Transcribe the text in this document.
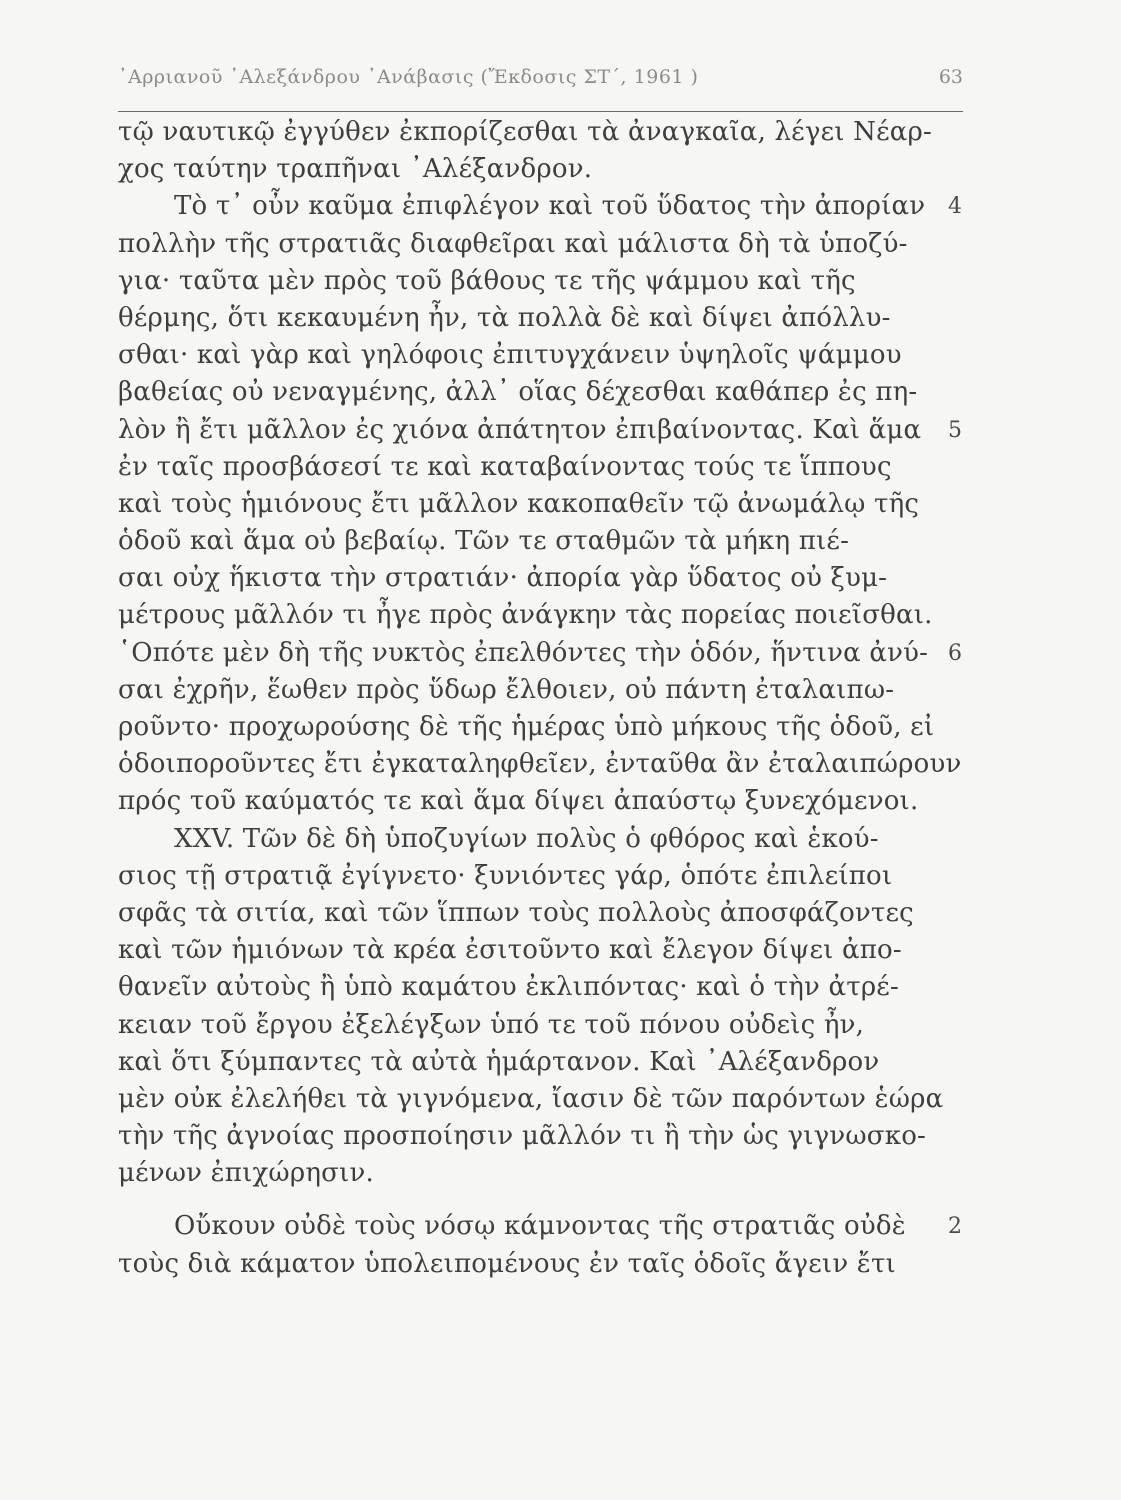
᾿Αρριανοῦ ᾿Αλεξάνδρου ᾿Ανάβασις (Ἔκδοσις ΣΤ΄, 1961 )	63
τῷ ναυτικῷ ἐγγύθεν ἐκπορίζεσθαι τὰ ἀναγκαῖα, λέγει Νέαρ-
χος ταύτην τραπῆναι ᾿Αλέξανδρον.
Τὸ τ᾿ οὖν καῦμα ἐπιφλέγον καὶ τοῦ ὕδατος τὴν ἀπορίαν 4
πολλὴν τῆς στρατιᾶς διαφθεῖραι καὶ μάλιστα δὴ τὰ ὑποζύ-
για· ταῦτα μὲν πρὸς τοῦ βάθους τε τῆς ψάμμου καὶ τῆς
θέρμης, ὅτι κεκαυμένη ἦν, τὰ πολλὰ δὲ καὶ δίψει ἀπόλλυ-
σθαι· καὶ γὰρ καὶ γηλόφοις ἐπιτυγχάνειν ὑψηλοῖς ψάμμου
βαθείας οὐ νεναγμένης, ἀλλ᾿ οἵας δέχεσθαι καθάπερ ἐς πη-
λὸν ἢ ἔτι μᾶλλον ἐς χιόνα ἀπάτητον ἐπιβαίνοντας. Καὶ ἅμα 5
ἐν ταῖς προσβάσεσί τε καὶ καταβαίνοντας τούς τε ἵππους
καὶ τοὺς ἡμιόνους ἔτι μᾶλλον κακοπαθεῖν τῷ ἀνωμάλῳ τῆς
ὁδοῦ καὶ ἅμα οὐ βεβαίῳ. Τῶν τε σταθμῶν τὰ μήκη πιέ-
σαι οὐχ ἥκιστα τὴν στρατιάν· ἀπορία γὰρ ὕδατος οὐ ξυμ-
μέτρους μᾶλλόν τι ἦγε πρὸς ἀνάγκην τὰς πορείας ποιεῖσθαι.
῾Οπότε μὲν δὴ τῆς νυκτὸς ἐπελθόντες τὴν ὁδόν, ἥντινα ἀνύ- 6
σαι ἐχρῆν, ἕωθεν πρὸς ὕδωρ ἔλθοιεν, οὐ πάντη ἐταλαιπω-
ροῦντο· προχωρούσης δὲ τῆς ἡμέρας ὑπὸ μήκους τῆς ὁδοῦ, εἰ
ὁδοιποροῦντες ἔτι ἐγκαταληφθεῖεν, ἐνταῦθα ἂν ἐταλαιπώρουν
πρός τοῦ καύματός τε καὶ ἅμα δίψει ἀπαύστῳ ξυνεχόμενοι.
XXV. Τῶν δὲ δὴ ὑποζυγίων πολὺς ὁ φθόρος καὶ ἑκού-
σιος τῇ στρατιᾷ ἐγίγνετο· ξυνιόντες γάρ, ὁπότε ἐπιλείποι
σφᾶς τὰ σιτία, καὶ τῶν ἵππων τοὺς πολλοὺς ἀποσφάζοντες
καὶ τῶν ἡμιόνων τὰ κρέα ἐσιτοῦντο καὶ ἔλεγον δίψει ἀπο-
θανεῖν αὐτοὺς ἢ ὑπὸ καμάτου ἐκλιπόντας· καὶ ὁ τὴν ἀτρέ-
κειαν τοῦ ἔργου ἐξελέγξων ὑπό τε τοῦ πόνου οὐδεὶς ἦν,
καὶ ὅτι ξύμπαντες τὰ αὐτὰ ἡμάρτανον. Καὶ ᾿Αλέξανδρον
μὲν οὐκ ἐλελήθει τὰ γιγνόμενα, ἴασιν δὲ τῶν παρόντων ἑώρα
τὴν τῆς ἀγνοίας προσποίησιν μᾶλλόν τι ἢ τὴν ὡς γιγνωσκο-
μένων ἐπιχώρησιν.
Οὔκουν οὐδὲ τοὺς νόσῳ κάμνοντας τῆς στρατιᾶς οὐδὲ 2
τοὺς διὰ κάματον ὑπολειπομένους ἐν ταῖς ὁδοῖς ἄγειν ἔτι
